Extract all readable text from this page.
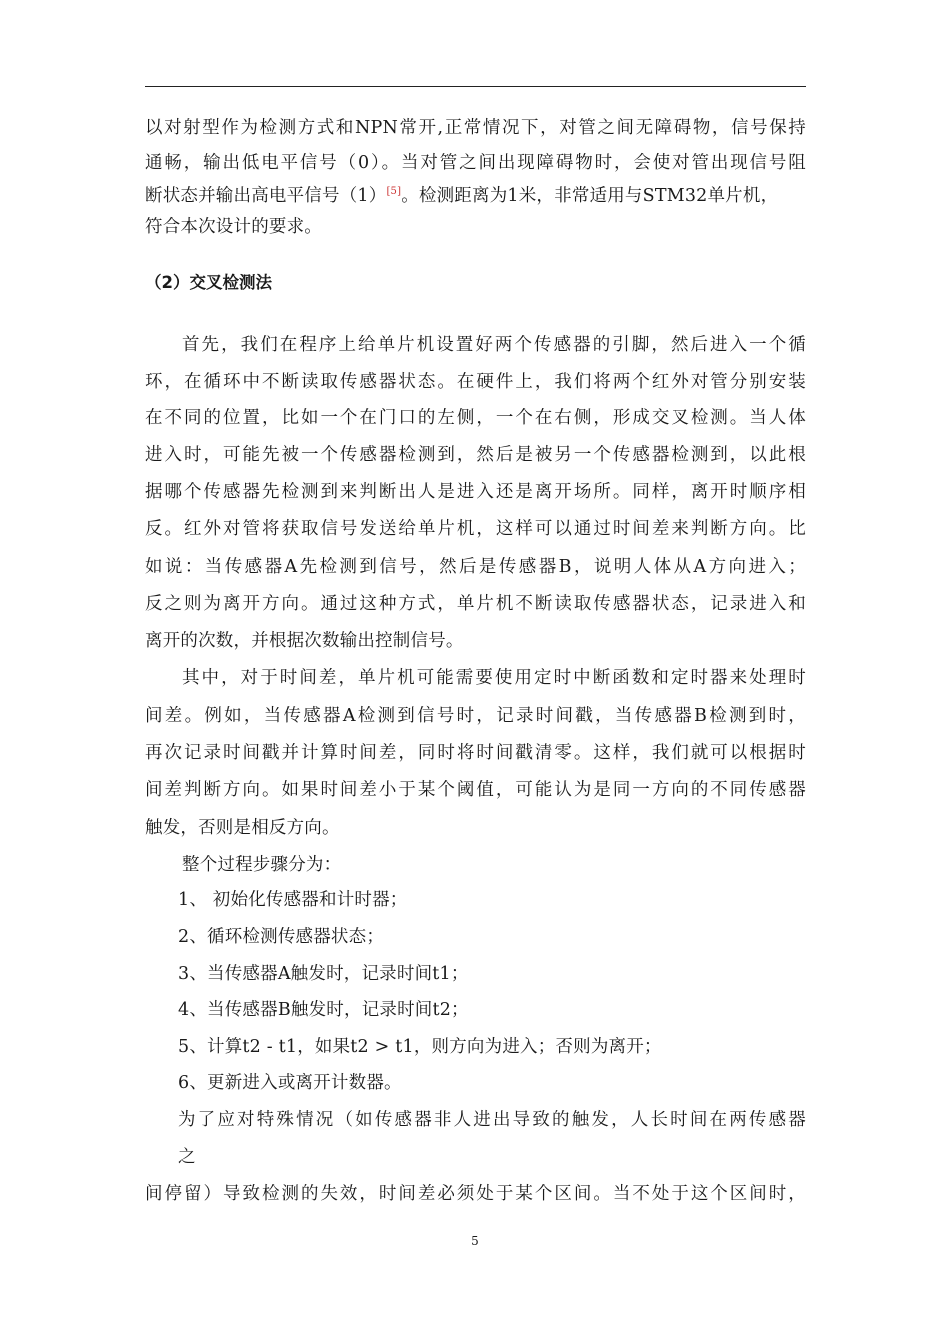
以对射型作为检测方式和NPN常开,正常情况下，对管之间无障碍物，信号保持
通畅，输出低电平信号（0）。当对管之间出现障碍物时，会使对管出现信号阻
断状态并输出高电平信号（1）[5]。检测距离为1米，非常适用与STM32单片机，
符合本次设计的要求。
（2）交叉检测法
首先，我们在程序上给单片机设置好两个传感器的引脚，然后进入一个循
环，在循环中不断读取传感器状态。在硬件上，我们将两个红外对管分别安装
在不同的位置，比如一个在门口的左侧，一个在右侧，形成交叉检测。当人体
进入时，可能先被一个传感器检测到，然后是被另一个传感器检测到，以此根
据哪个传感器先检测到来判断出人是进入还是离开场所。同样，离开时顺序相
反。红外对管将获取信号发送给单片机，这样可以通过时间差来判断方向。比
如说：当传感器A先检测到信号，然后是传感器B，说明人体从A方向进入；
反之则为离开方向。通过这种方式，单片机不断读取传感器状态，记录进入和
离开的次数，并根据次数输出控制信号。
其中，对于时间差，单片机可能需要使用定时中断函数和定时器来处理时
间差。例如，当传感器A检测到信号时，记录时间戳，当传感器B检测到时，
再次记录时间戳并计算时间差，同时将时间戳清零。这样，我们就可以根据时
间差判断方向。如果时间差小于某个阈值，可能认为是同一方向的不同传感器
触发，否则是相反方向。
整个过程步骤分为：
1、 初始化传感器和计时器；
2、循环检测传感器状态；
3、当传感器A触发时，记录时间t1；
4、当传感器B触发时，记录时间t2；
5、计算t2 - t1，如果t2 > t1，则方向为进入；否则为离开；
6、更新进入或离开计数器。
为了应对特殊情况（如传感器非人进出导致的触发，人长时间在两传感器
之
间停留）导致检测的失效，时间差必须处于某个区间。当不处于这个区间时，
5
